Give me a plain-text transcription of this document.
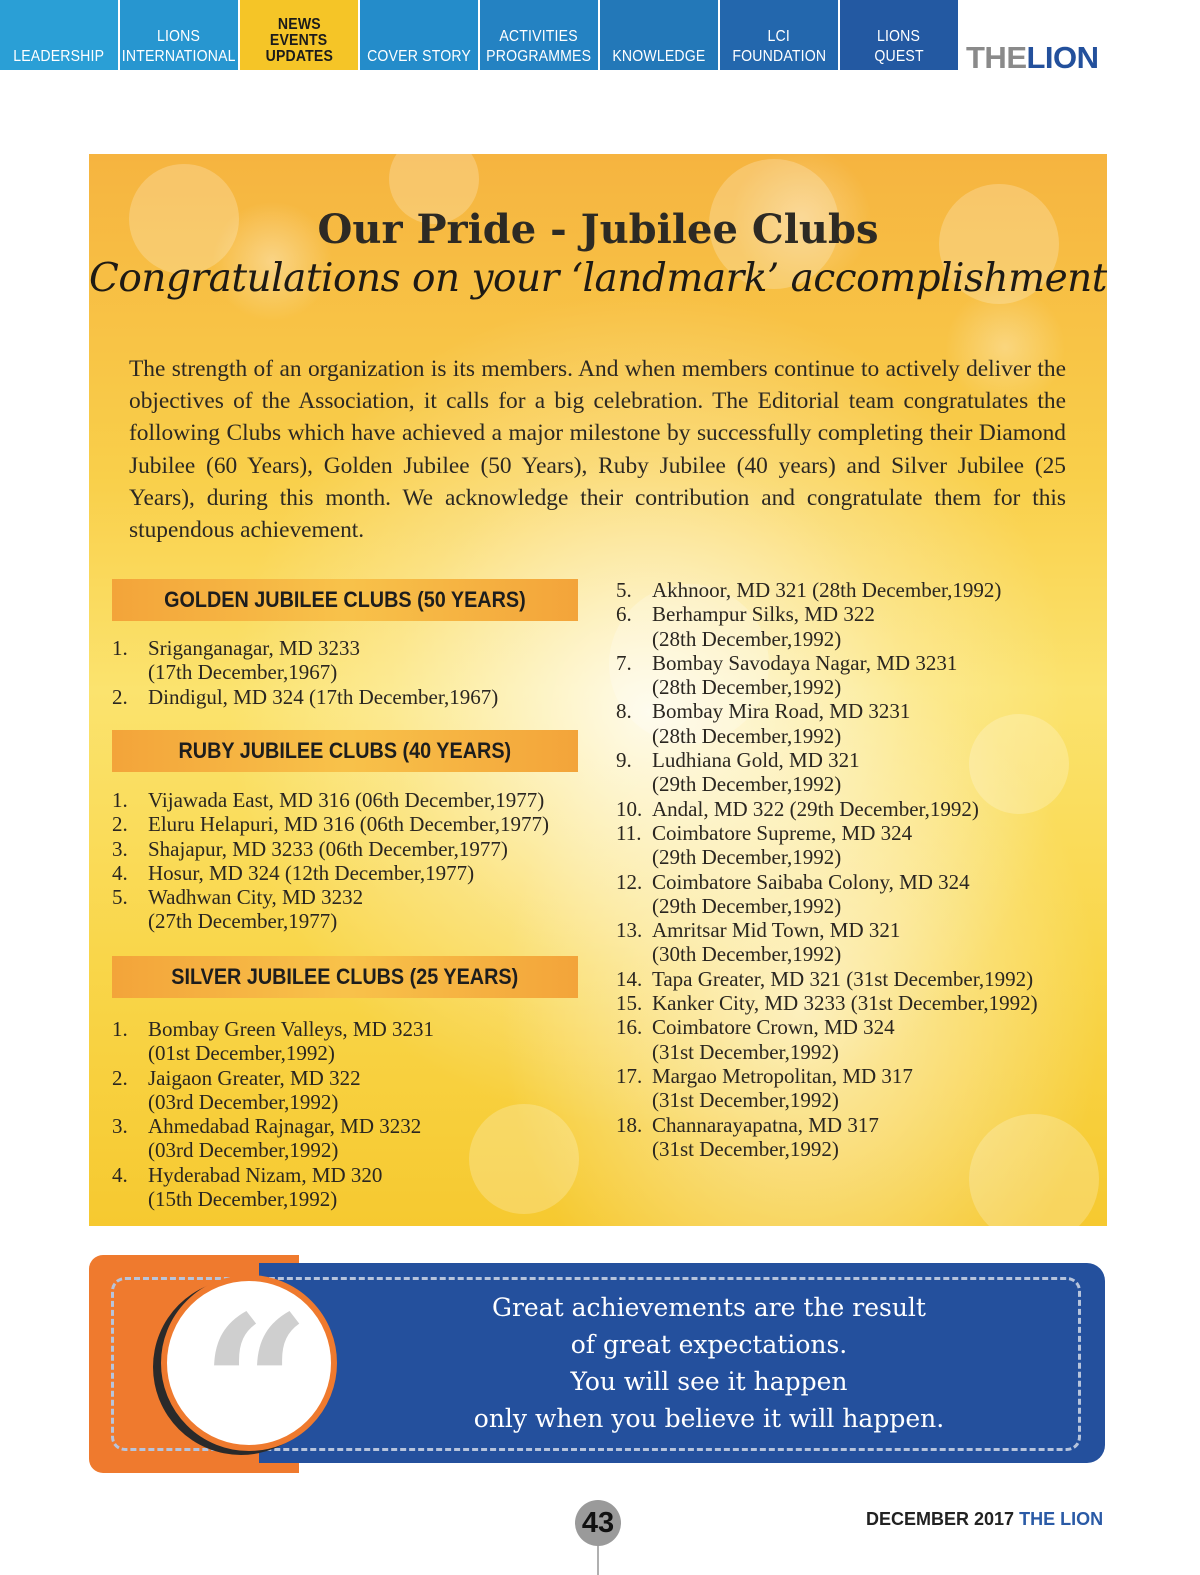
LEADERSHIP
LIONS
INTERNATIONAL
NEWS
EVENTS
UPDATES COVER STORY
ACTIVITIES
PROGRAMMES KNOWLEDGE
LCI
FOUNDATION
LIONS
QUEST THELION
Our Pride - Jubilee Clubs
Congratulations on your ‘landmark’ accomplishment

The strength of an organization is its members. And when members continue to actively deliver the objectives of the Association, it calls for a big celebration. The Editorial team congratulates the following Clubs which have achieved a major milestone by successfully completing their Diamond Jubilee (60 Years), Golden Jubilee (50 Years), Ruby Jubilee (40 years) and Silver Jubilee (25 Years), during this month. We acknowledge their contribution and congratulate them for this stupendous achievement.

GOLDEN JUBILEE CLUBS (50 YEARS)
1. Sriganganagar, MD 3233
(17th December,1967)
2. Dindigul, MD 324 (17th December,1967)
RUBY JUBILEE CLUBS (40 YEARS)
1. Vijawada East, MD 316 (06th December,1977)
2. Eluru Helapuri, MD 316 (06th December,1977)
3. Shajapur, MD 3233 (06th December,1977)
4. Hosur, MD 324 (12th December,1977)
5. Wadhwan City, MD 3232
(27th December,1977)
SILVER JUBILEE CLUBS (25 YEARS)
1. Bombay Green Valleys, MD 3231
(01st December,1992)
2. Jaigaon Greater, MD 322
(03rd December,1992)
3. Ahmedabad Rajnagar, MD 3232
(03rd December,1992)
4. Hyderabad Nizam, MD 320
(15th December,1992)
5. Akhnoor, MD 321 (28th December,1992)
6. Berhampur Silks, MD 322
(28th December,1992)
7. Bombay Savodaya Nagar, MD 3231
(28th December,1992)
8. Bombay Mira Road, MD 3231
(28th December,1992)
9. Ludhiana Gold, MD 321
(29th December,1992)
10. Andal, MD 322 (29th December,1992)
11. Coimbatore Supreme, MD 324
(29th December,1992)
12. Coimbatore Saibaba Colony, MD 324
(29th December,1992)
13. Amritsar Mid Town, MD 321
(30th December,1992)
14. Tapa Greater, MD 321 (31st December,1992)
15. Kanker City, MD 3233 (31st December,1992)
16. Coimbatore Crown, MD 324
(31st December,1992)
17. Margao Metropolitan, MD 317
(31st December,1992)
18. Channarayapatna, MD 317
(31st December,1992)
“	Great achievements are the result
of great expectations.
You will see it happen
only when you believe it will happen.
43	DECEMBER 2017 THE LION
